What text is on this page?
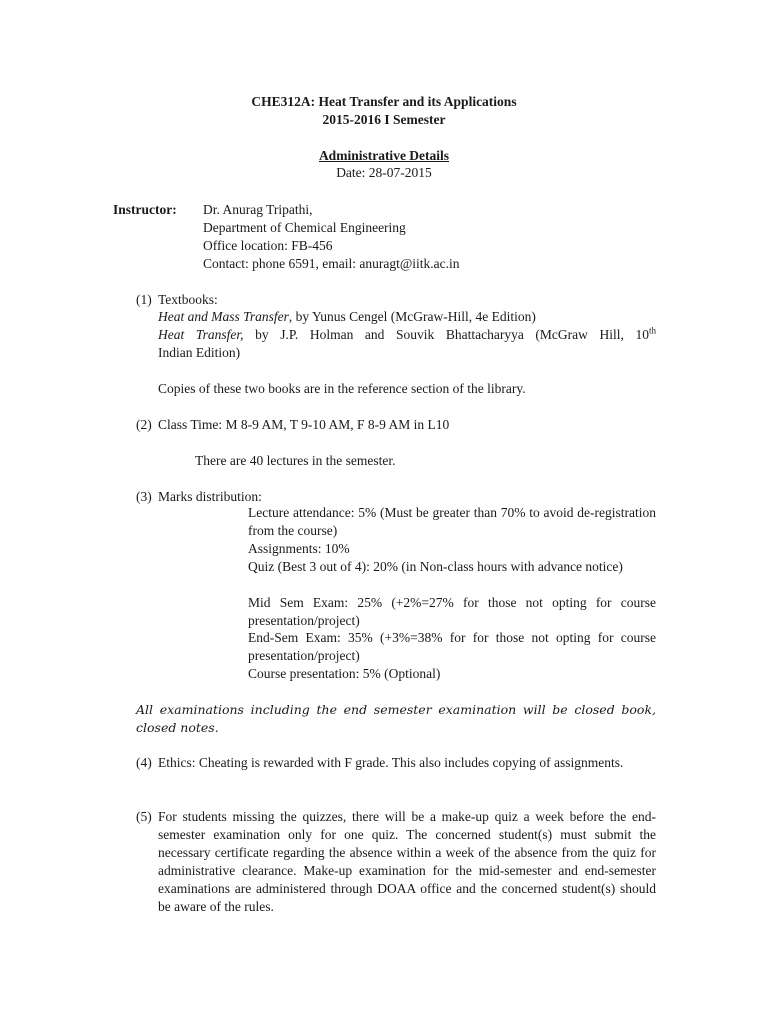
CHE312A: Heat Transfer and its Applications
2015-2016 I Semester
Administrative Details
Date: 28-07-2015
Instructor: Dr. Anurag Tripathi,
Department of Chemical Engineering
Office location: FB-456
Contact: phone 6591, email: anuragt@iitk.ac.in
(1) Textbooks:
Heat and Mass Transfer, by Yunus Cengel (McGraw-Hill, 4e Edition)
Heat Transfer, by J.P. Holman and Souvik Bhattacharyya (McGraw Hill, 10th
Indian Edition)
Copies of these two books are in the reference section of the library.
(2) Class Time: M 8-9 AM, T 9-10 AM, F 8-9 AM in L10
There are 40 lectures in the semester.
(3) Marks distribution:
Lecture attendance: 5% (Must be greater than 70% to avoid de-registration from the course)
Assignments: 10%
Quiz (Best 3 out of 4): 20% (in Non-class hours with advance notice)
Mid Sem Exam: 25% (+2%=27% for those not opting for course presentation/project)
End-Sem Exam: 35% (+3%=38% for for those not opting for course presentation/project)
Course presentation: 5% (Optional)
All examinations including the end semester examination will be closed book, closed notes.
(4) Ethics: Cheating is rewarded with F grade. This also includes copying of assignments.
(5) For students missing the quizzes, there will be a make-up quiz a week before the end-semester examination only for one quiz. The concerned student(s) must submit the necessary certificate regarding the absence within a week of the absence from the quiz for administrative clearance. Make-up examination for the mid-semester and end-semester examinations are administered through DOAA office and the concerned student(s) should be aware of the rules.
